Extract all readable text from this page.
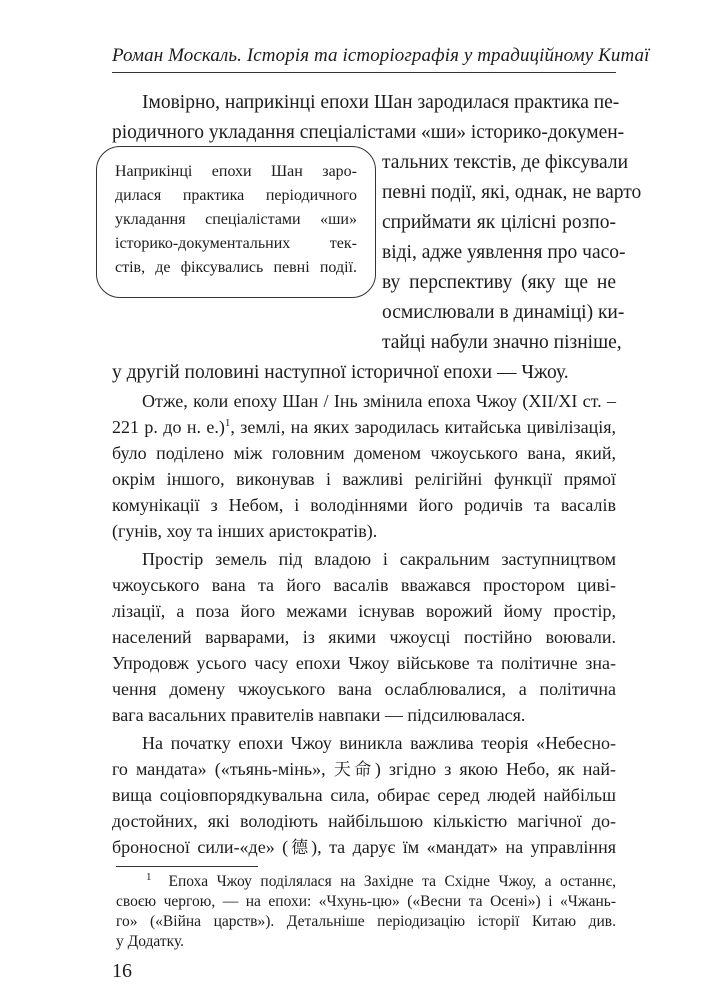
Роман Москаль. Історія та історіографія у традиційному Китаї
Імовірно, наприкінці епохи Шан зародилася практика пе-
ріодичного укладання спеціалістами «ши» історико-докумен-
тальних текстів, де фіксували
певні події, які, однак, не варто
сприймати як цілісні розпо-
віді, адже уявлення про часо-
ву перспективу (яку ще не
осмислювали в динаміці) ки-
тайці набули значно пізніше,
у другій половині наступної історичної епохи — Чжоу.
Наприкінці епохи Шан заро-
дилася практика періодичного
укладання спеціалістами «ши»
історико-документальних тек-
стів, де фіксувались певні події.
Отже, коли епоху Шан / Інь змінила епоха Чжоу (XII/XI ст. –
221 р. до н. е.)$^1$, землі, на яких зародилась китайська цивілізація,
було поділено між головним доменом чжоуського вана, який,
окрім іншого, виконував і важливі релігійні функції прямої
комунікації з Небом, і володіннями його родичів та васалів
(гунів, хоу та інших аристократів).
Простір земель під владою і сакральним заступництвом
чжоуського вана та його васалів вважався простором циві-
лізації, а поза його межами існував ворожий йому простір,
населений варварами, із якими чжоусці постійно воювали.
Упродовж усього часу епохи Чжоу військове та політичне зна-
чення домену чжоуського вана ослаблювалися, а політична
вага васальних правителів навпаки — підсилювалася.
$^1$ Епоха Чжоу поділялася на Західне та Східне Чжоу, а останнє,
своєю чергою, — на епохи: «Чхунь-цю» («Весни та Осені») і «Чжань-
го» («Війна царств»). Детальніше періодизацію історії Китаю див.
у Додатку.
16
На початку епохи Чжоу виникла важлива теорія «Небесно-
го мандата» («тьянь-мінь», 天命) згідно з якою Небо, як най-
вища соціовпорядкувальна сила, обирає серед людей найбільш
достойних, які володіють найбільшою кількістю магічної до-
броносної сили-«де» (德), та дарує їм «мандат» на управління
